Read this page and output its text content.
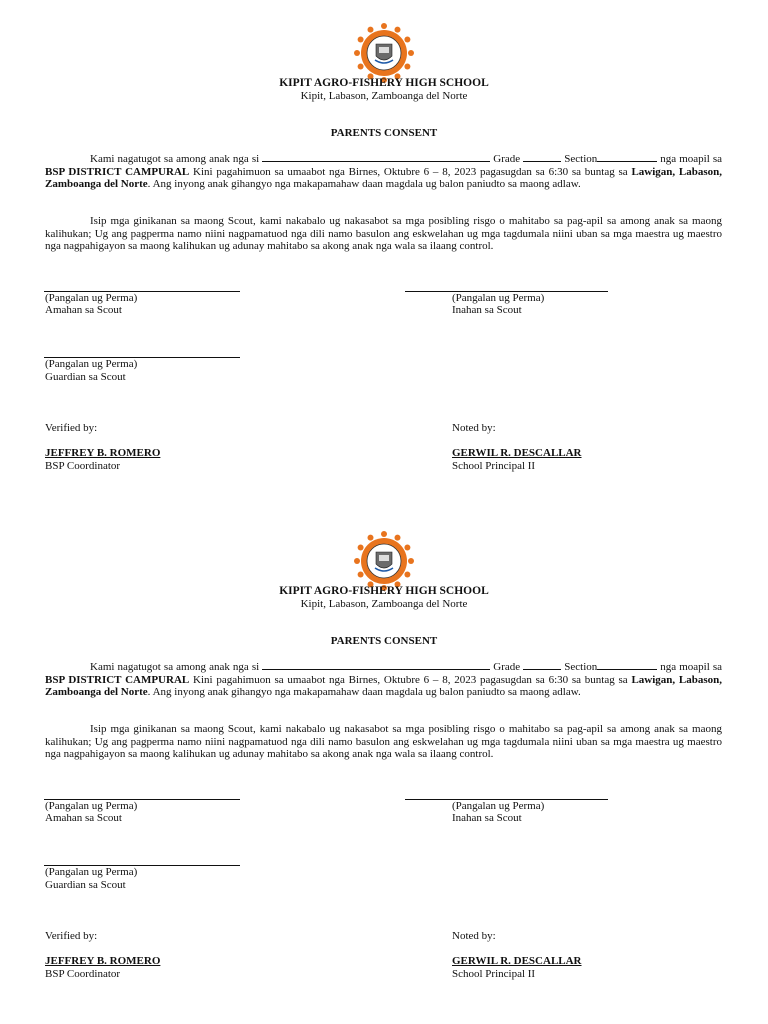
KIPIT AGRO-FISHERY HIGH SCHOOL
Kipit, Labason, Zamboanga del Norte
PARENTS CONSENT
Kami nagatugot sa among anak nga si	Grade	Section	nga moapil sa BSP DISTRICT CAMPURAL Kini pagahimuon sa umaabot nga Birnes, Oktubre 6 – 8, 2023 pagasugdan sa 6:30 sa buntag sa Lawigan, Labason, Zamboanga del Norte. Ang inyong anak gihangyo nga makapamahaw daan magdala ug balon paniudto sa maong adlaw.
Isip mga ginikanan sa maong Scout, kami nakabalo ug nakasabot sa mga posibling risgo o mahitabo sa pag-apil sa among anak sa maong kalihukan; Ug ang pagperma namo niini nagpamatuod nga dili namo basulon ang eskwelahan ug mga tagdumala niini uban sa mga maestra ug maestro nga nagpahigayon sa maong kalihukan ug adunay mahitabo sa akong anak nga wala sa ilaang control.
(Pangalan ug Perma)
Amahan sa Scout
(Pangalan ug Perma)
Inahan sa Scout
(Pangalan ug Perma)
Guardian sa Scout
Verified by:
JEFFREY B. ROMERO
BSP Coordinator
Noted by:
GERWIL R. DESCALLAR
School Principal II
KIPIT AGRO-FISHERY HIGH SCHOOL
Kipit, Labason, Zamboanga del Norte
PARENTS CONSENT
Kami nagatugot sa among anak nga si	Grade	Section	nga moapil sa BSP DISTRICT CAMPURAL Kini pagahimuon sa umaabot nga Birnes, Oktubre 6 – 8, 2023 pagasugdan sa 6:30 sa buntag sa Lawigan, Labason, Zamboanga del Norte. Ang inyong anak gihangyo nga makapamahaw daan magdala ug balon paniudto sa maong adlaw.
Isip mga ginikanan sa maong Scout, kami nakabalo ug nakasabot sa mga posibling risgo o mahitabo sa pag-apil sa among anak sa maong kalihukan; Ug ang pagperma namo niini nagpamatuod nga dili namo basulon ang eskwelahan ug mga tagdumala niini uban sa mga maestra ug maestro nga nagpahigayon sa maong kalihukan ug adunay mahitabo sa akong anak nga wala sa ilaang control.
(Pangalan ug Perma)
Amahan sa Scout
(Pangalan ug Perma)
Inahan sa Scout
(Pangalan ug Perma)
Guardian sa Scout
Verified by:
JEFFREY B. ROMERO
BSP Coordinator
Noted by:
GERWIL R. DESCALLAR
School Principal II
